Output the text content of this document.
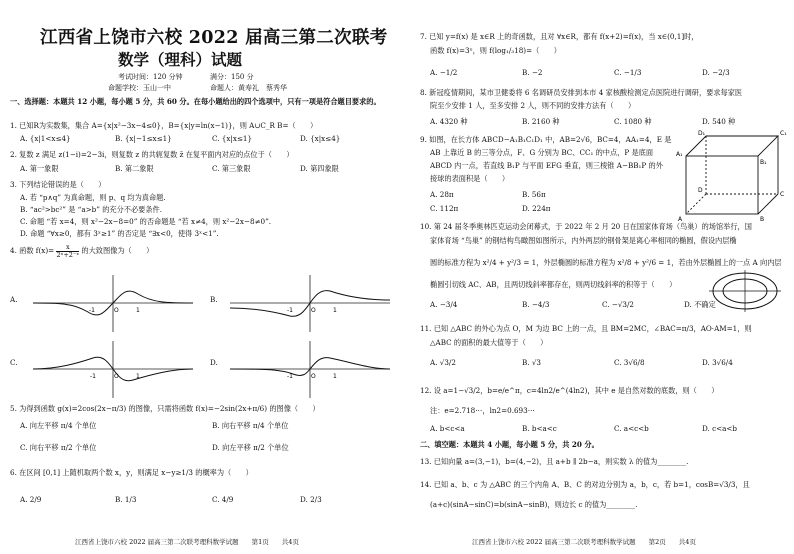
江西省上饶市六校 2022 届高三第二次联考
数学（理科）试题
考试时间：120 分钟	满分：150 分
命题学校：玉山一中	命题人：黄寿礼　蔡秀华
一、选择题：本题共 12 小题，每小题 5 分，共 60 分。在每小题给出的四个选项中，只有一项是符合题目要求的。
1. 已知R为实数集，集合 A={x|x²−3x−4≤0}，B={x|y=ln(x−1)}，则 A∪C_R B=（　　）
A. {x|1<x≤4}	B. {x|−1≤x≤1}	C. {x|x≤1}	D. {x|x≤4}
2. 复数 z 满足 z(1−i)=2−3i，则复数 z 的共轭复数 z̄ 在复平面内对应的点位于（　　）
A. 第一象限	B. 第二象限	C. 第三象限	D. 第四象限
3. 下列结论错误的是（　　）
A. 若 “p∧q” 为真命题，则 p、q 均为真命题.
B. “ac²>bc²” 是 “a>b” 的充分不必要条件.
C. 命题 “若 x=4，则 x²−2x−8=0” 的否命题是 “若 x≠4，则 x²−2x−8≠0”.
D. 命题 “∀x≥0，都有 3ˣ≥1” 的否定是 “∃x<0，使得 3ˣ<1”.
4. 函数 $f(x)= \frac{x}{\text{2ˣ+2⁻ˣ}}$ 的大致图像为（　　）
A.
-1	1
O
B.
-1	1
O
C.
-1	1
O
D.
-1	1
O
5. 为得到函数 g(x)=2cos(2x−π/3) 的图像，只需将函数 f(x)=−2sin(2x+π/6) 的图像（　　）
A. 向左平移 π/4 个单位	B. 向右平移 π/4 个单位
C. 向右平移 π/2 个单位	D. 向左平移 π/2 个单位
6. 在区间 [0,1] 上随机取两个数 x，y，则满足 x−y≥1/3 的概率为（　　）
A. 2/9	B. 1/3	C. 4/9	D. 2/3
江西省上饶市六校 2022 届高三第二次联考理科数学试题　　第1页　　共4页
7. 已知 y=f(x) 是 x∈R 上的奇函数，且对 ∀x∈R，都有 f(x+2)=f(x)，当 x∈(0,1]时，
函数 f(x)=3ˣ，则 f(log₁/₃18)=（　　）
A. −1/2	B. −2	C. −1/3	D. −2/3
8. 新冠疫情期间，某市卫健委将 6 名调研员安排到本市 4 家核酸检测定点医院进行调研，要求每家医
院至少安排 1 人，至多安排 2 人，则不同的安排方法有（　　）
A. 4320 种	B. 2160 种	C. 1080 种	D. 540 种
9. 如图，在长方体 ABCD−A₁B₁C₁D₁ 中，AB=2√6，BC=4，AA₁=4，E 是
AB 上靠近 B 的三等分点，F、G 分别为 BC、CC₁ 的中点，P 是底面
ABCD 内一点，若直线 B₁P 与平面 EFG 垂直，则三棱锥 A−BB₁P 的外
接球的表面积是（　　）
A. 28π	B. 56π
C. 112π	D. 224π
D₁	C₁
A₁
B₁
D
C
A	B
10. 第 24 届冬季奥林匹克运动会闭幕式，于 2022 年 2 月 20 日在国家体育场（鸟巢）的场馆举行，国
家体育场 “鸟巢” 的钢结构鸟瞰图如图所示，内外两层的钢骨架是离心率相同的椭圆，假设内层椭
圆的标准方程为 x²/4 + y²/3 = 1，外层椭圆的标准方程为 x²/8 + y²/6 = 1，若由外层椭圆上的一点 A 向内层
椭圆引切线 AC、AB，且两切线斜率都存在，则两切线斜率的积等于（　　）
A. −3/4	B. −4/3	C. −√3/2	D. 不确定
11. 已知 △ABC 的外心为点 O，M 为边 BC 上的一点，且 BM=2MC，∠BAC=π/3，AO·AM=1，则
△ABC 的面积的最大值等于（　　）
A. √3/2	B. √3	C. 3√6/8	D. 3√6/4
12. 设 a=1−√3/2，b=e/e^π，c=4ln2/e^(4ln2)，其中 e 是自然对数的底数，则（　　）
注：e=2.718⋯，ln2=0.693⋯
A. b<c<a	B. b<a<c	C. a<c<b	D. c<a<b
二、填空题：本题共 4 小题，每小题 5 分，共 20 分。
13. 已知向量 a=(3,−1)，b=(4,−2)，且 a+b ∥ 2b−a，则实数 λ 的值为________.
14. 已知 a、b、c 为 △ABC 的三个内角 A、B、C 的对边分别为 a，b，c，若 b=1，cosB=√3/3，且
(a+c)(sinA−sinC)=b(sinA−sinB)，则边长 c 的值为________.
江西省上饶市六校 2022 届高三第二次联考理科数学试题　　第2页　　共4页
